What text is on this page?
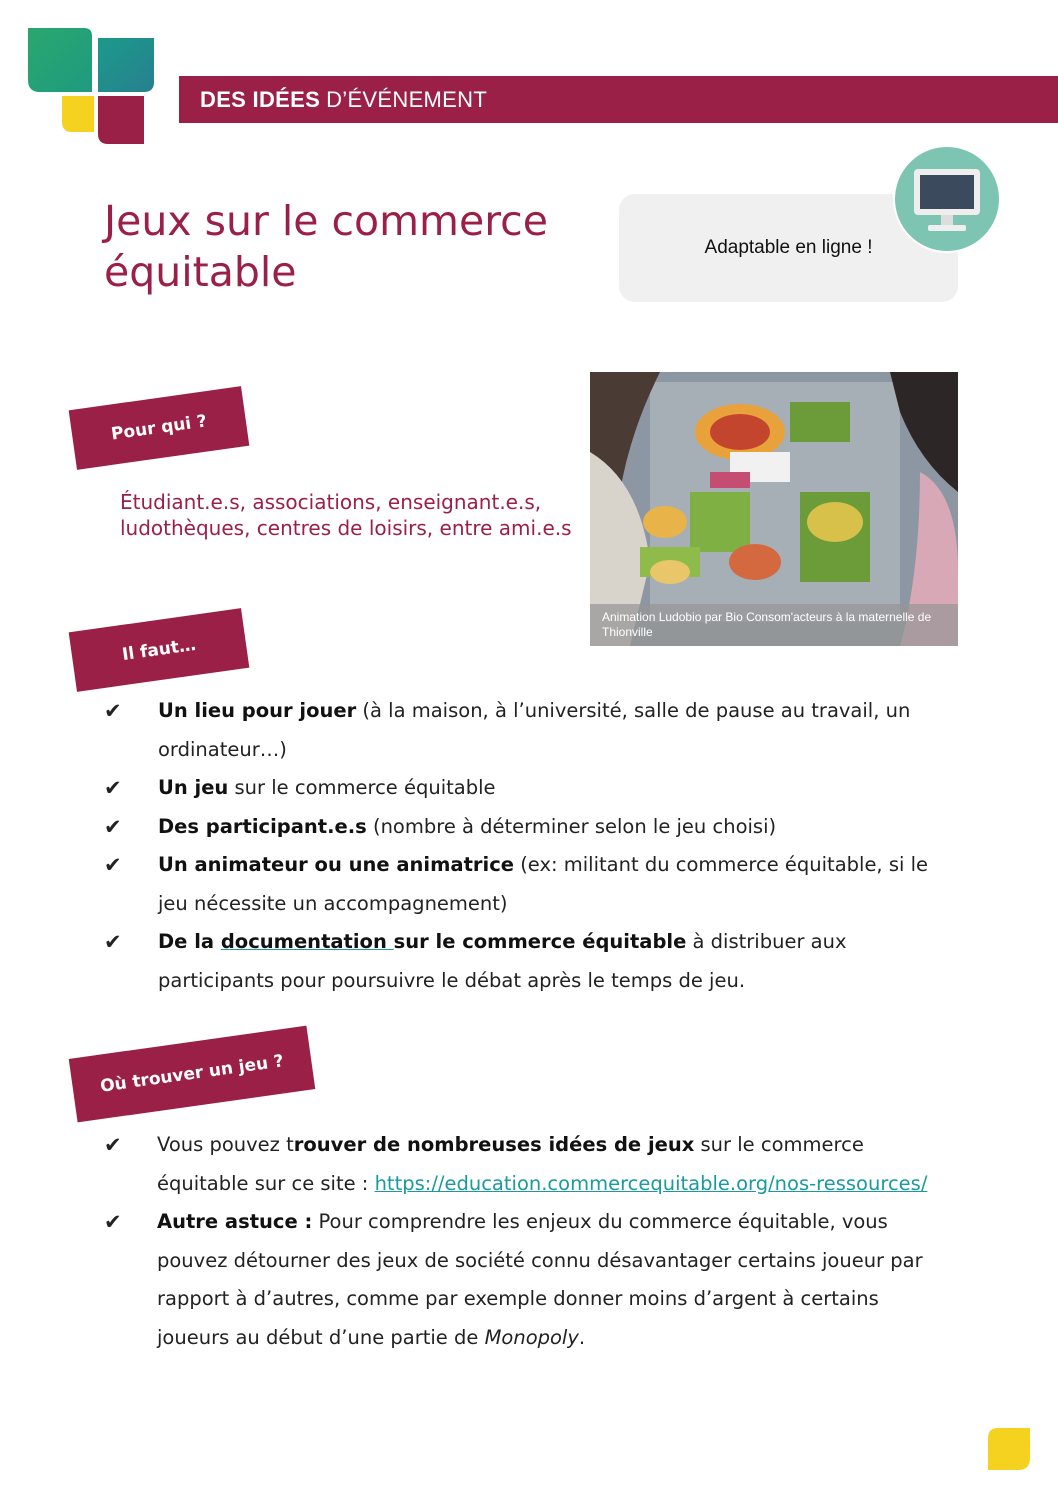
DES IDÉES D’ÉVÉNEMENT
Jeux sur le commerce
équitable
Adaptable en ligne !
Animation Ludobio par Bio Consom'acteurs à la maternelle de Thionville
Pour qui ?
Étudiant.e.s, associations, enseignant.e.s, ludothèques, centres de loisirs, entre ami.e.s
Il faut…
✔ Un lieu pour jouer (à la maison, à l’université, salle de pause au travail, un ordinateur…)
✔ Un jeu sur le commerce équitable
✔ Des participant.e.s (nombre à déterminer selon le jeu choisi)
✔ Un animateur ou une animatrice (ex: militant du commerce équitable, si le jeu nécessite un accompagnement)
✔ De la documentation sur le commerce équitable à distribuer aux participants pour poursuivre le débat après le temps de jeu.
Où trouver un jeu ?
✔ Vous pouvez trouver de nombreuses idées de jeux sur le commerce équitable sur ce site : https://education.commercequitable.org/nos-ressources/
✔ Autre astuce : Pour comprendre les enjeux du commerce équitable, vous pouvez détourner des jeux de société connu désavantager certains joueur par rapport à d’autres, comme par exemple donner moins d’argent à certains joueurs au début d’une partie de Monopoly.
